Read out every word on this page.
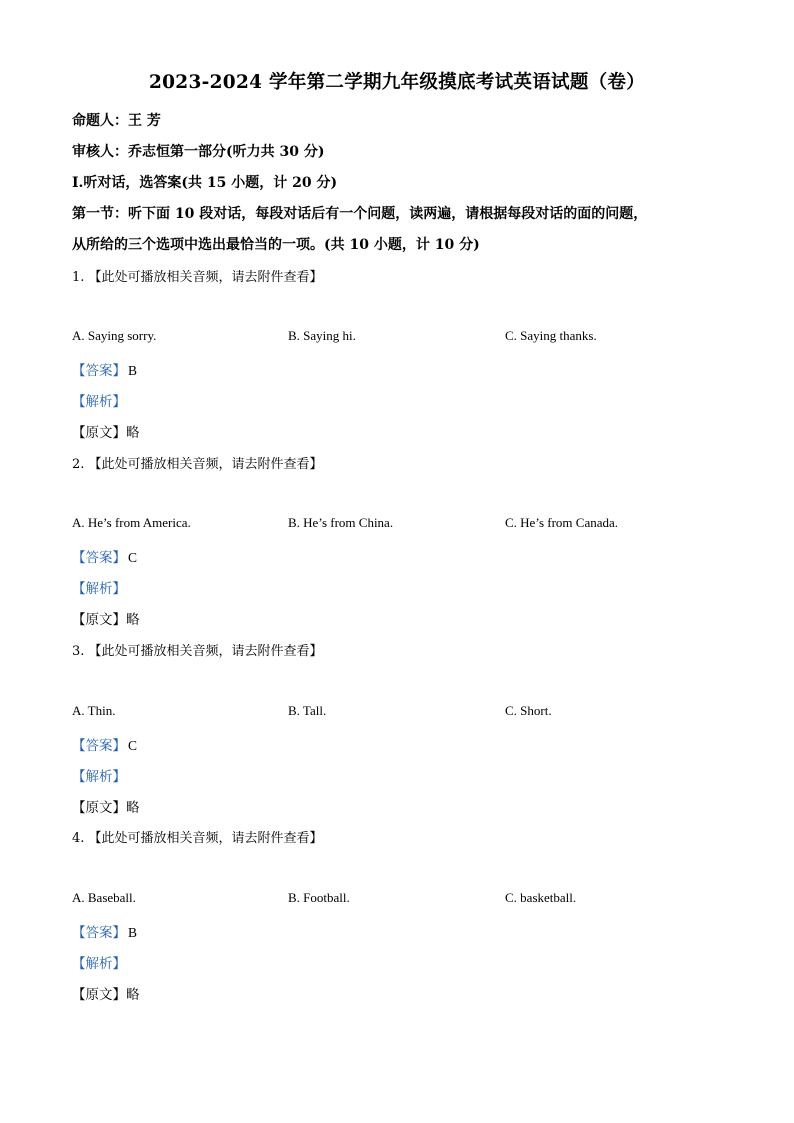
2023-2024 学年第二学期九年级摸底考试英语试题（卷）
命题人：王 芳
审核人：乔志恒第一部分(听力共 30 分)
Ⅰ.听对话，选答案(共 15 小题，计 20 分)
第一节：听下面 10 段对话，每段对话后有一个问题，读两遍，请根据每段对话的面的问题，
从所给的三个选项中选出最恰当的一项。(共 10 小题，计 10 分)
1. 【此处可播放相关音频，请去附件查看】
A. Saying sorry.	B. Saying hi.	C. Saying thanks.
【答案】 B
【解析】
【原文】略
2. 【此处可播放相关音频，请去附件查看】
A. He’s from America.	B. He’s from China.	C. He’s from Canada.
【答案】 C
【解析】
【原文】略
3. 【此处可播放相关音频，请去附件查看】
A. Thin.	B. Tall.	C. Short.
【答案】 C
【解析】
【原文】略
4. 【此处可播放相关音频，请去附件查看】
A. Baseball.	B. Football.	C. basketball.
【答案】 B
【解析】
【原文】略
